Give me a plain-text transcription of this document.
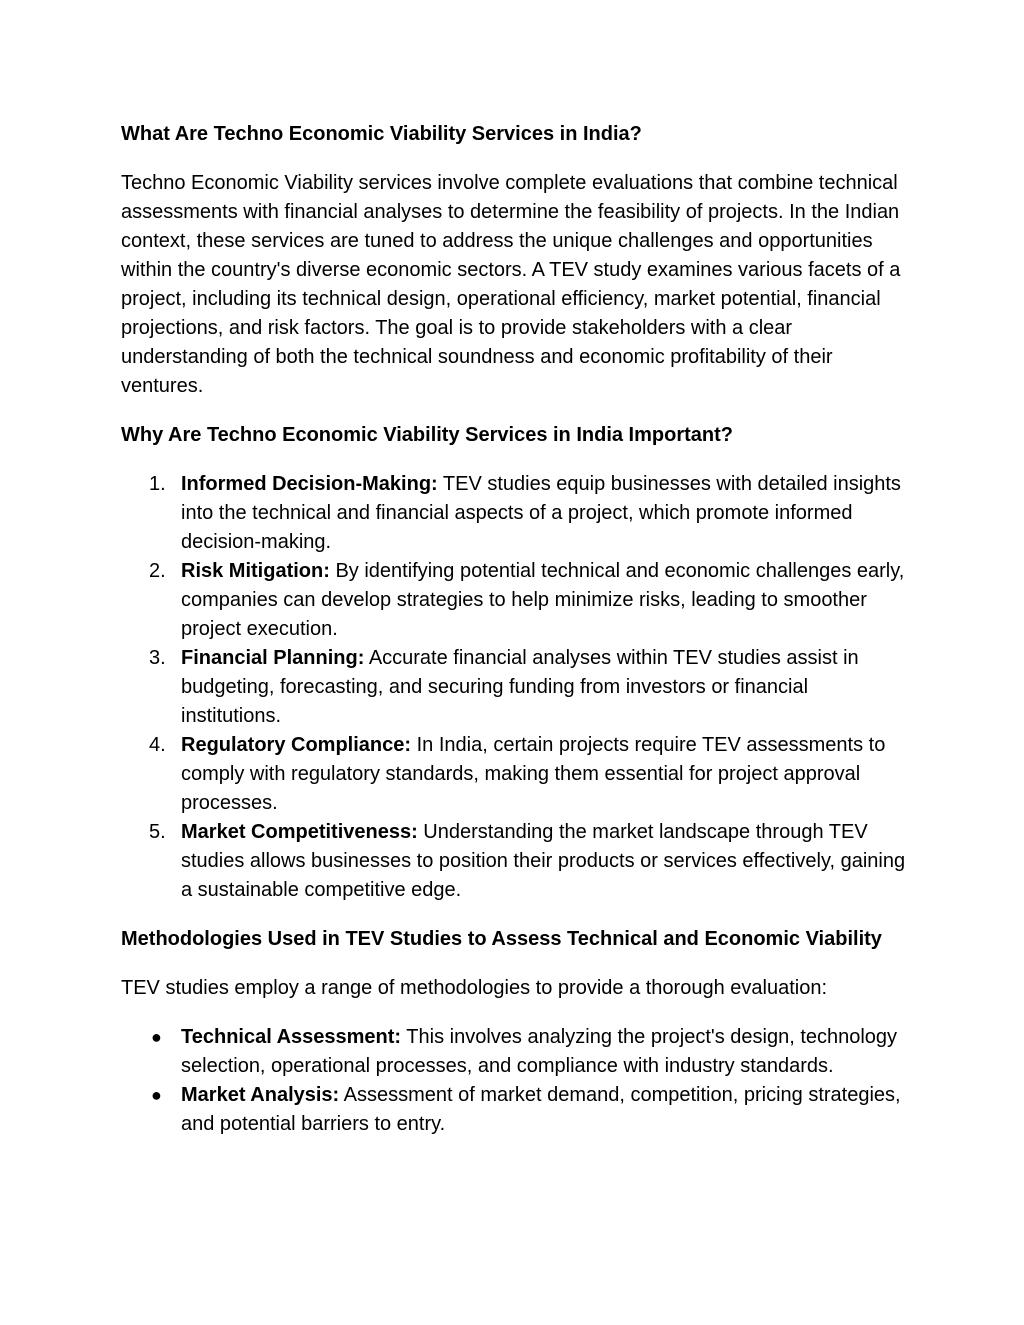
What Are Techno Economic Viability Services in India?

Techno Economic Viability services involve complete evaluations that combine technical assessments with financial analyses to determine the feasibility of projects. In the Indian context, these services are tuned to address the unique challenges and opportunities within the country's diverse economic sectors. A TEV study examines various facets of a project, including its technical design, operational efficiency, market potential, financial projections, and risk factors. The goal is to provide stakeholders with a clear understanding of both the technical soundness and economic profitability of their ventures.

Why Are Techno Economic Viability Services in India Important?
1. Informed Decision-Making: TEV studies equip businesses with detailed insights into the technical and financial aspects of a project, which promote informed decision-making.
2. Risk Mitigation: By identifying potential technical and economic challenges early, companies can develop strategies to help minimize risks, leading to smoother project execution.
3. Financial Planning: Accurate financial analyses within TEV studies assist in budgeting, forecasting, and securing funding from investors or financial institutions.
4. Regulatory Compliance: In India, certain projects require TEV assessments to comply with regulatory standards, making them essential for project approval processes.
5. Market Competitiveness: Understanding the market landscape through TEV studies allows businesses to position their products or services effectively, gaining a sustainable competitive edge.
Methodologies Used in TEV Studies to Assess Technical and Economic Viability

TEV studies employ a range of methodologies to provide a thorough evaluation:

● Technical Assessment: This involves analyzing the project's design, technology selection, operational processes, and compliance with industry standards.
● Market Analysis: Assessment of market demand, competition, pricing strategies, and potential barriers to entry.
